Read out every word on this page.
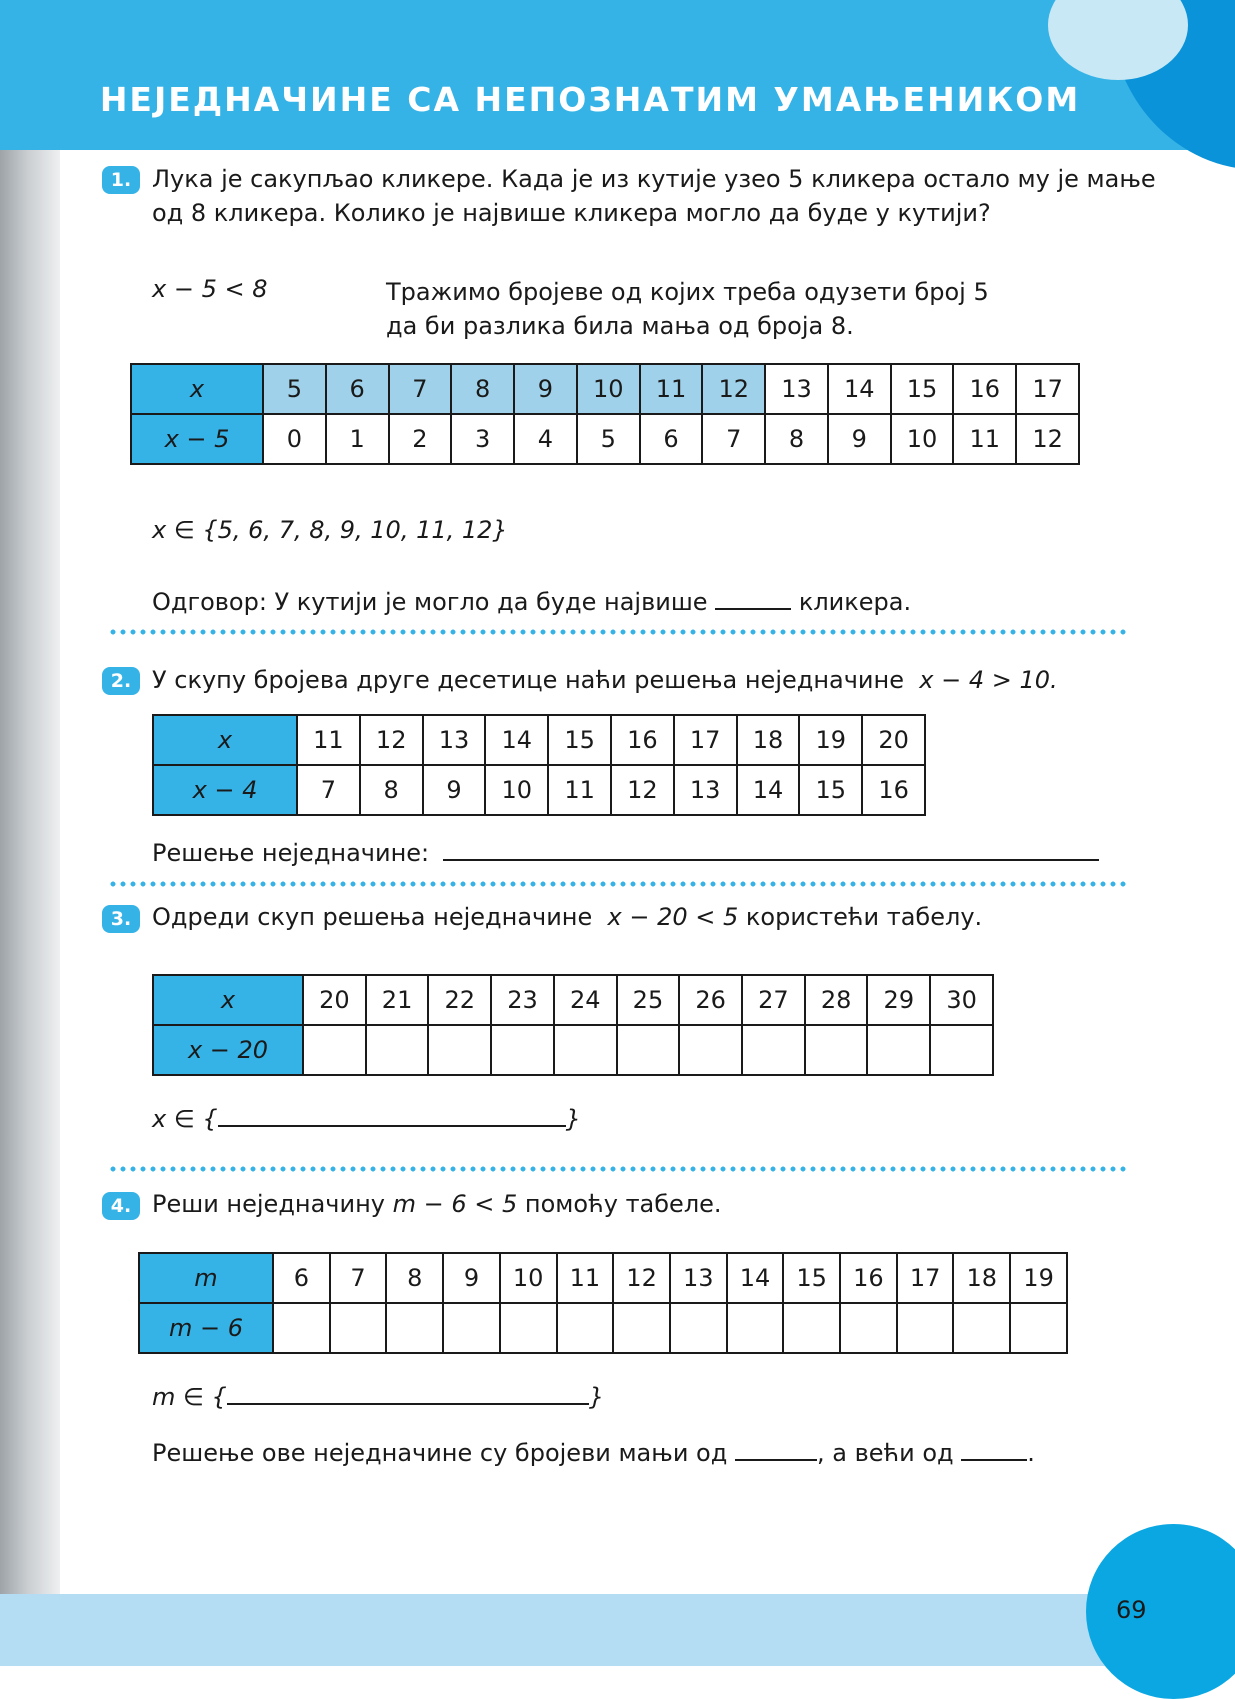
НЕЈЕДНАЧИНЕ СА НЕПОЗНАТИМ УМАЊЕНИКОМ
1. Лука је сакупљао кликере. Када је из кутије узео 5 кликера остало му је мање
од 8 кликера. Колико је највише кликера могло да буде у кутији?
x − 5 < 8	Тражимо бројеве од којих треба одузети број 5
да би разлика била мања од броја 8.
x	5	6	7	8	9	10	11	12	13	14	15	16	17
x − 5	0	1	2	3	4	5	6	7	8	9	10	11	12
x ∈ {5, 6, 7, 8, 9, 10, 11, 12}
Одговор: У кутији је могло да буде највише	кликера.
2. У скупу бројева друге десетице наћи решења неједначине x − 4 > 10.
x	11	12	13	14	15	16	17	18	19	20
x − 4	7	8	9	10	11	12	13	14	15	16
Решење неједначине:
3. Одреди скуп решења неједначине x − 20 < 5 користећи табелу.
x	20	21	22	23	24	25	26	27	28	29	30
x − 20											
x ∈ {	}
4. Реши неједначину m − 6 < 5 помоћу табеле.
m	6	7	8	9	10	11	12	13	14	15	16	17	18	19
m − 6														
m ∈ {	}
Решење ове неједначине су бројеви мањи од	, а већи од	.
69
